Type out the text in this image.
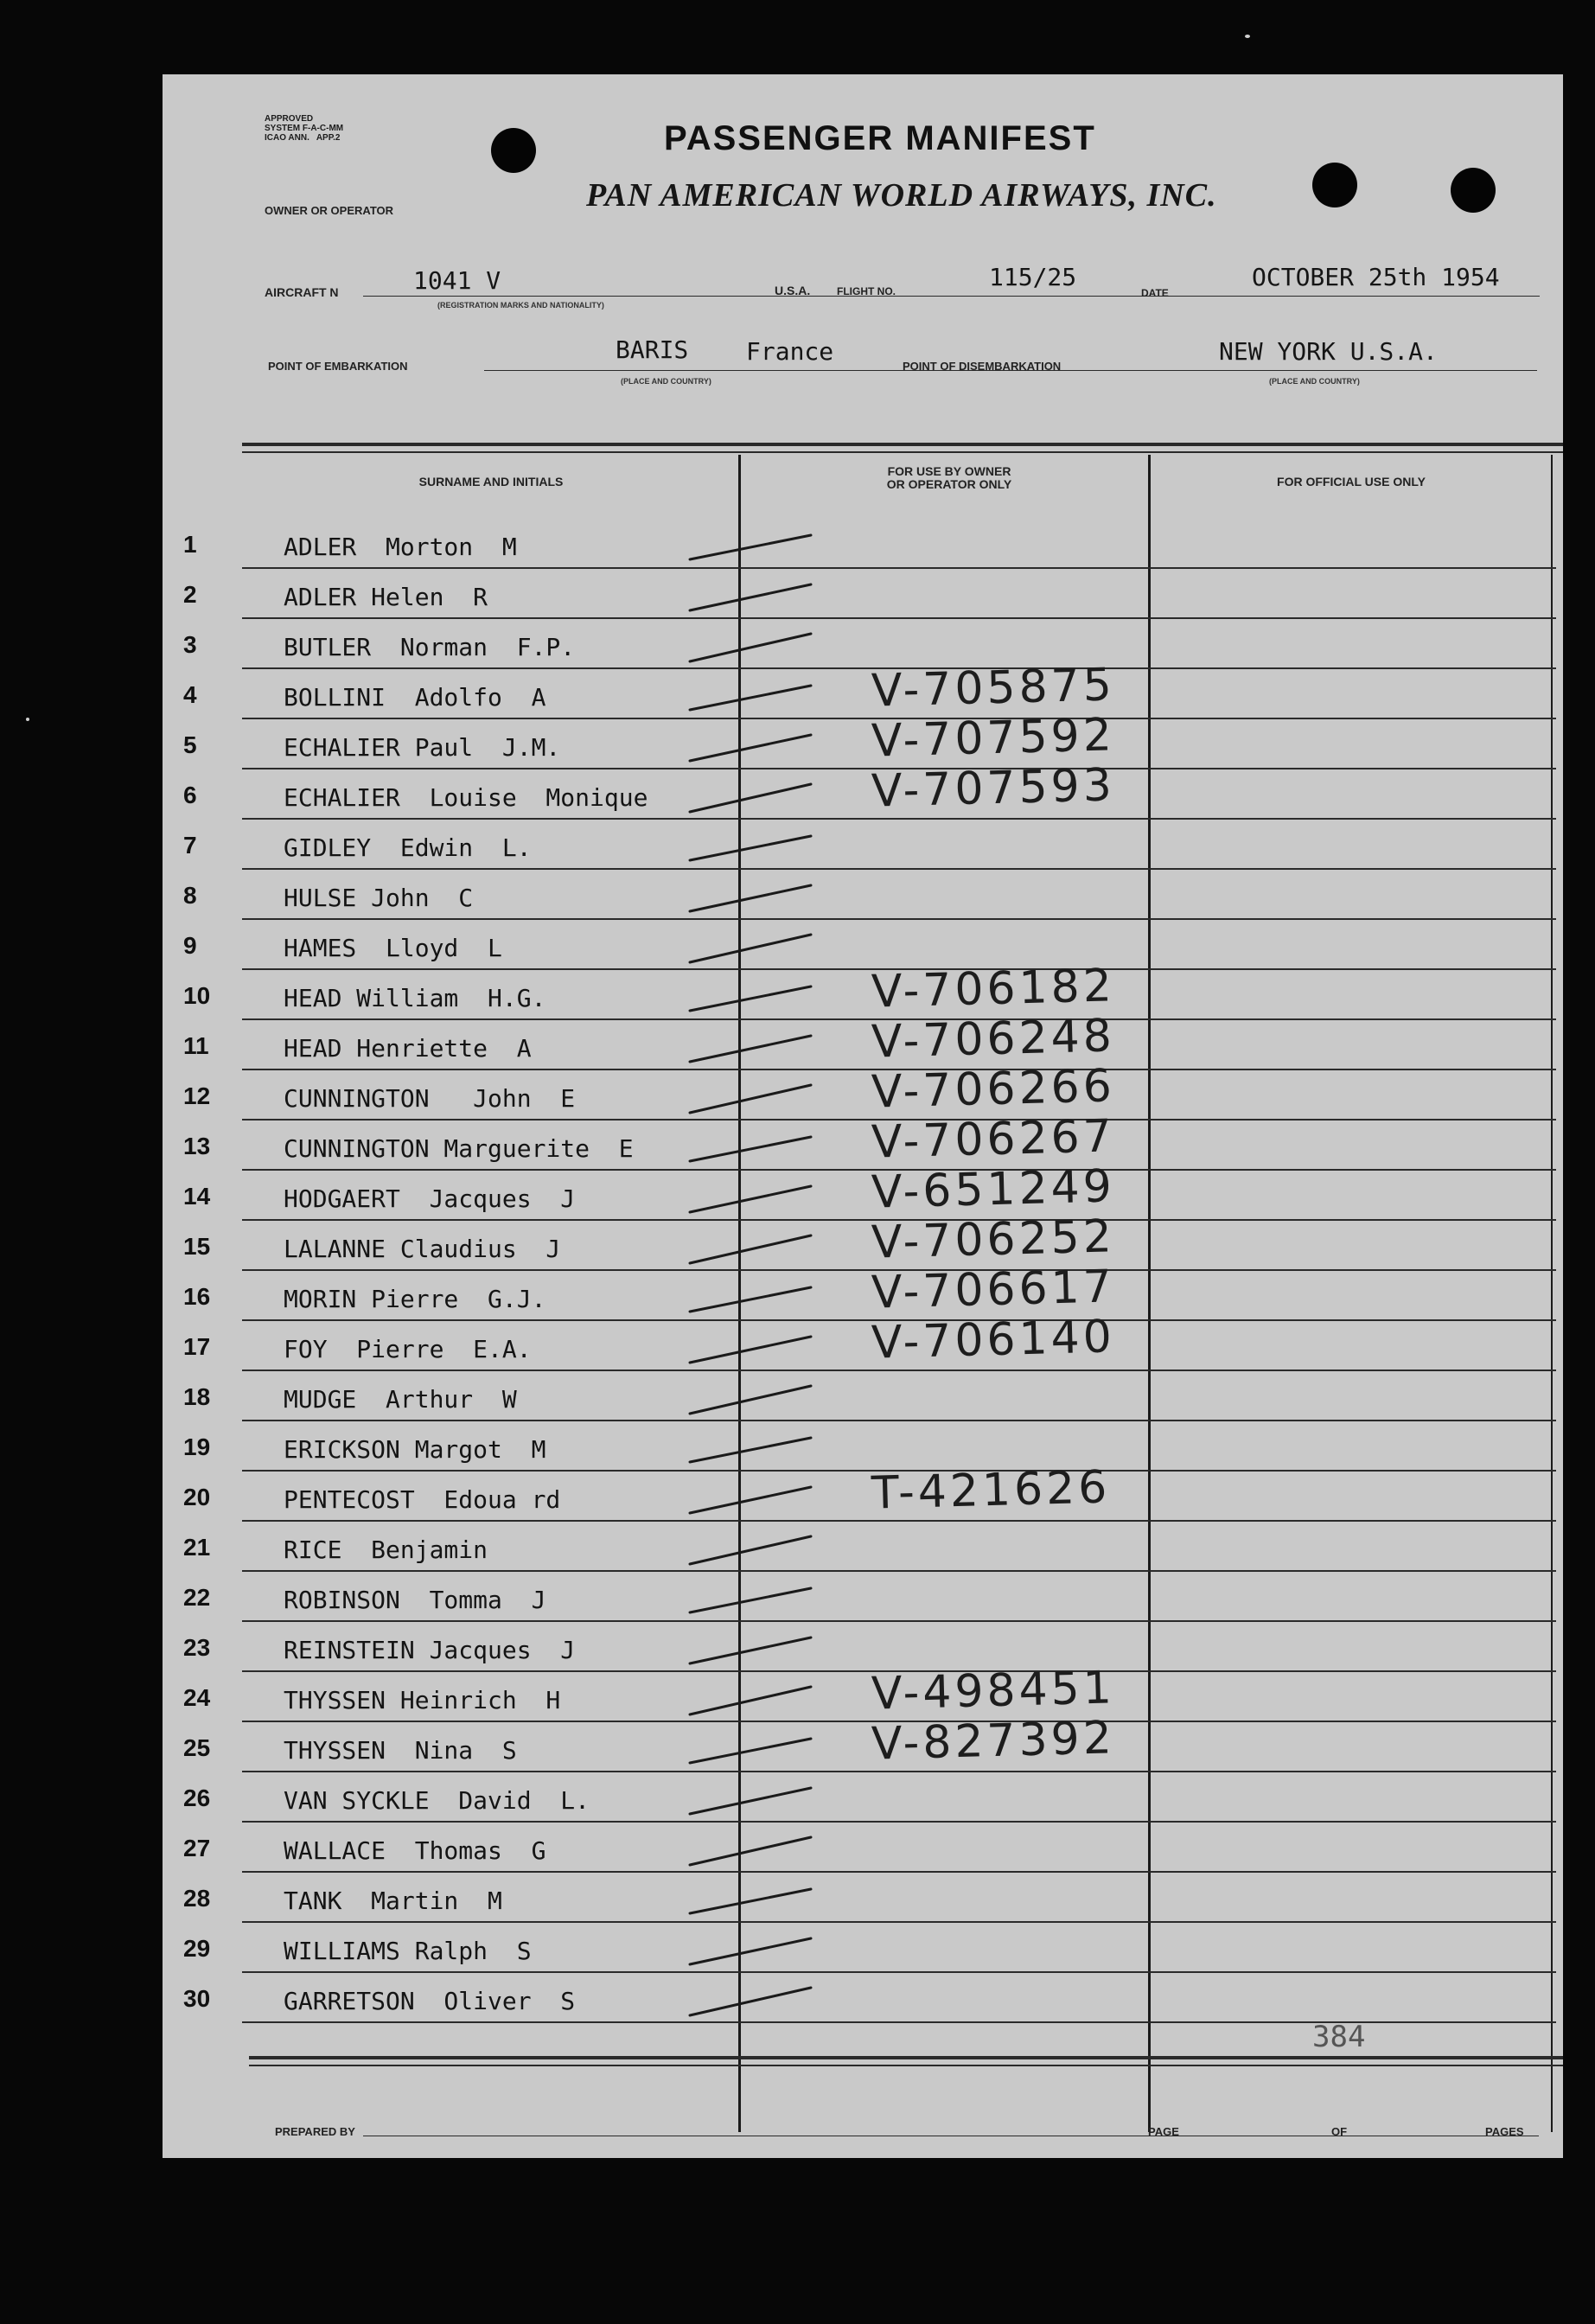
APPROVED
SYSTEM F-A-C-MM
ICAO ANN.   APP.2
OWNER OR OPERATOR
PASSENGER MANIFEST
PAN AMERICAN WORLD AIRWAYS, INC.
AIRCRAFT N	1041 V
(REGISTRATION MARKS AND NATIONALITY)
U.S.A.	FLIGHT NO.	115/25
DATE
OCTOBER 25th 1954
POINT OF EMBARKATION
BARIS France
(PLACE AND COUNTRY)
POINT OF DISEMBARKATION
NEW YORK U.S.A.
(PLACE AND COUNTRY)
SURNAME AND INITIALS
FOR USE BY OWNER
OR OPERATOR ONLY	FOR OFFICIAL USE ONLY
1	ADLER  Morton  M
2	ADLER Helen  R
3	BUTLER  Norman  F.P.
4	BOLLINI  Adolfo  A	V-705875
5	ECHALIER Paul  J.M.	V-707592
6	ECHALIER  Louise  Monique	V-707593
7	GIDLEY  Edwin  L.
8	HULSE John  C
9	HAMES  Lloyd  L
10	HEAD William  H.G.	V-706182
11	HEAD Henriette  A	V-706248
12	CUNNINGTON   John  E	V-706266
13	CUNNINGTON Marguerite  E	V-706267
14	HODGAERT  Jacques  J	V-651249
15	LALANNE Claudius  J	V-706252
16	MORIN Pierre  G.J.	V-706617
17	FOY  Pierre  E.A.	V-706140
18	MUDGE  Arthur  W
19	ERICKSON Margot  M
20	PENTECOST  Edoua rd	T-421626
21	RICE  Benjamin
22	ROBINSON  Tomma  J
23	REINSTEIN Jacques  J
24	THYSSEN Heinrich  H	V-498451
25	THYSSEN  Nina  S	V-827392
26	VAN SYCKLE  David  L.
27	WALLACE  Thomas  G
28	TANK  Martin  M
29	WILLIAMS Ralph  S
30	GARRETSON  Oliver  S
384
PREPARED BY	PAGE	OF	PAGES
